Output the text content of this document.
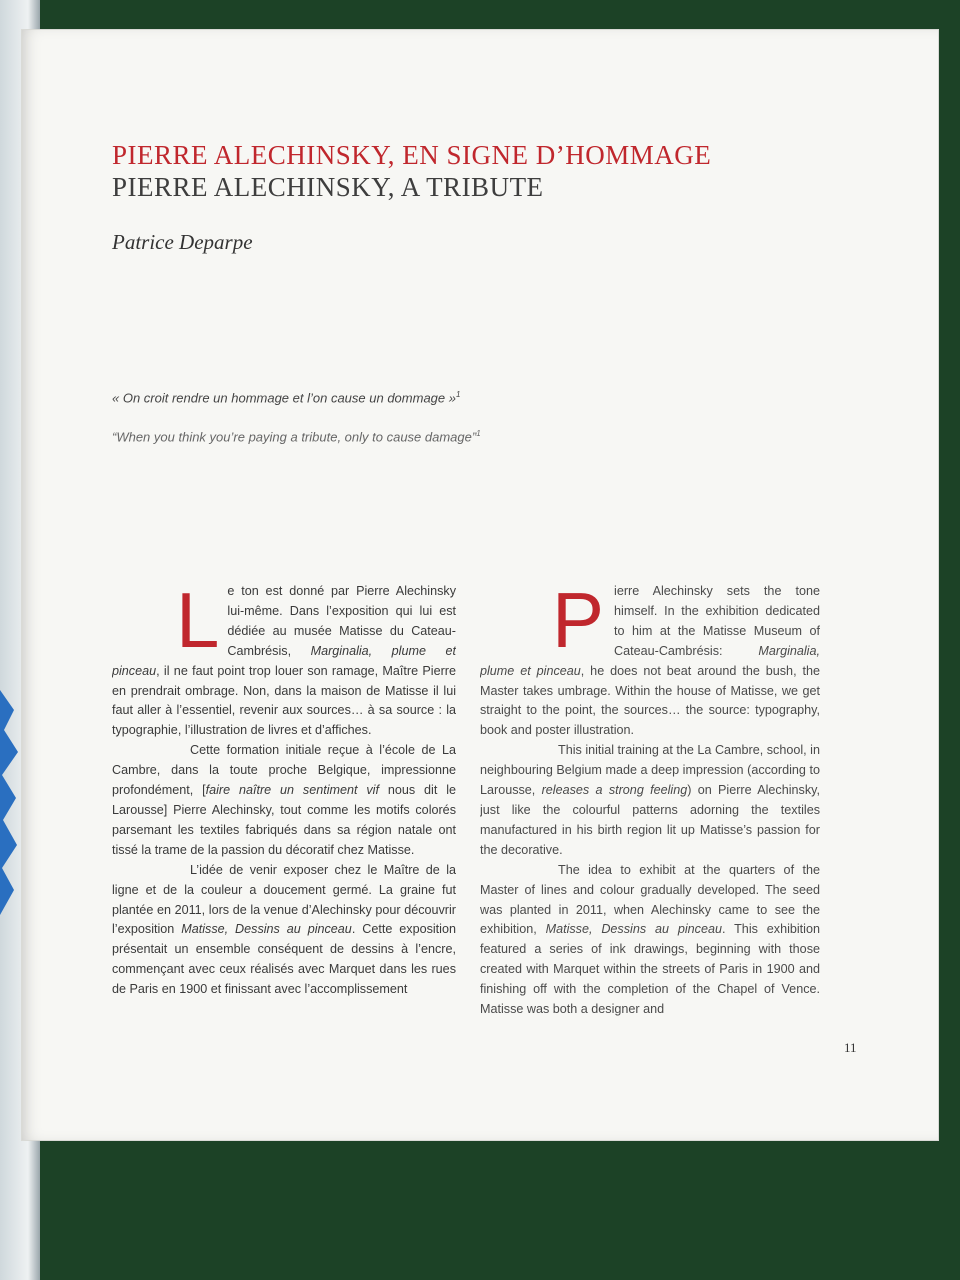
PIERRE ALECHINSKY, EN SIGNE D’HOMMAGE
PIERRE ALECHINSKY, A TRIBUTE
Patrice Deparpe
« On croit rendre un hommage et l’on cause un dommage »$^1$
“When you think you’re paying a tribute, only to cause damage”$^1$

Le ton est donné par Pierre Alechinsky lui-même. Dans l’exposition qui lui est dédiée au musée Matisse du Cateau-Cambrésis, Marginalia, plume et pinceau, il ne faut point trop louer son ramage, Maître Pierre en prendrait ombrage. Non, dans la maison de Matisse il lui faut aller à l’essentiel, revenir aux sources… à sa source : la typographie, l’illustration de livres et d’affiches.

Cette formation initiale reçue à l’école de La Cambre, dans la toute proche Belgique, impressionne profondément, [faire naître un sentiment vif nous dit le Larousse] Pierre Alechinsky, tout comme les motifs colorés parsemant les textiles fabriqués dans sa région natale ont tissé la trame de la passion du décoratif chez Matisse.

L’idée de venir exposer chez le Maître de la ligne et de la couleur a doucement germé. La graine fut plantée en 2011, lors de la venue d’Alechinsky pour découvrir l’exposition Matisse, Dessins au pinceau. Cette exposition présentait un ensemble conséquent de dessins à l’encre, commençant avec ceux réalisés avec Marquet dans les rues de Paris en 1900 et finissant avec l’accomplissement

Pierre Alechinsky sets the tone himself. In the exhibition dedicated to him at the Matisse Museum of Cateau-Cambrésis: Marginalia, plume et pinceau, he does not beat around the bush, the Master takes umbrage. Within the house of Matisse, we get straight to the point, the sources… the source: typography, book and poster illustration.

This initial training at the La Cambre, school, in neighbouring Belgium made a deep impression (according to Larousse, releases a strong feeling) on Pierre Alechinsky, just like the colourful patterns adorning the textiles manufactured in his birth region lit up Matisse’s passion for the decorative.

The idea to exhibit at the quarters of the Master of lines and colour gradually developed. The seed was planted in 2011, when Alechinsky came to see the exhibition, Matisse, Dessins au pinceau. This exhibition featured a series of ink drawings, beginning with those created with Marquet within the streets of Paris in 1900 and finishing off with the completion of the Chapel of Vence. Matisse was both a designer and

11
